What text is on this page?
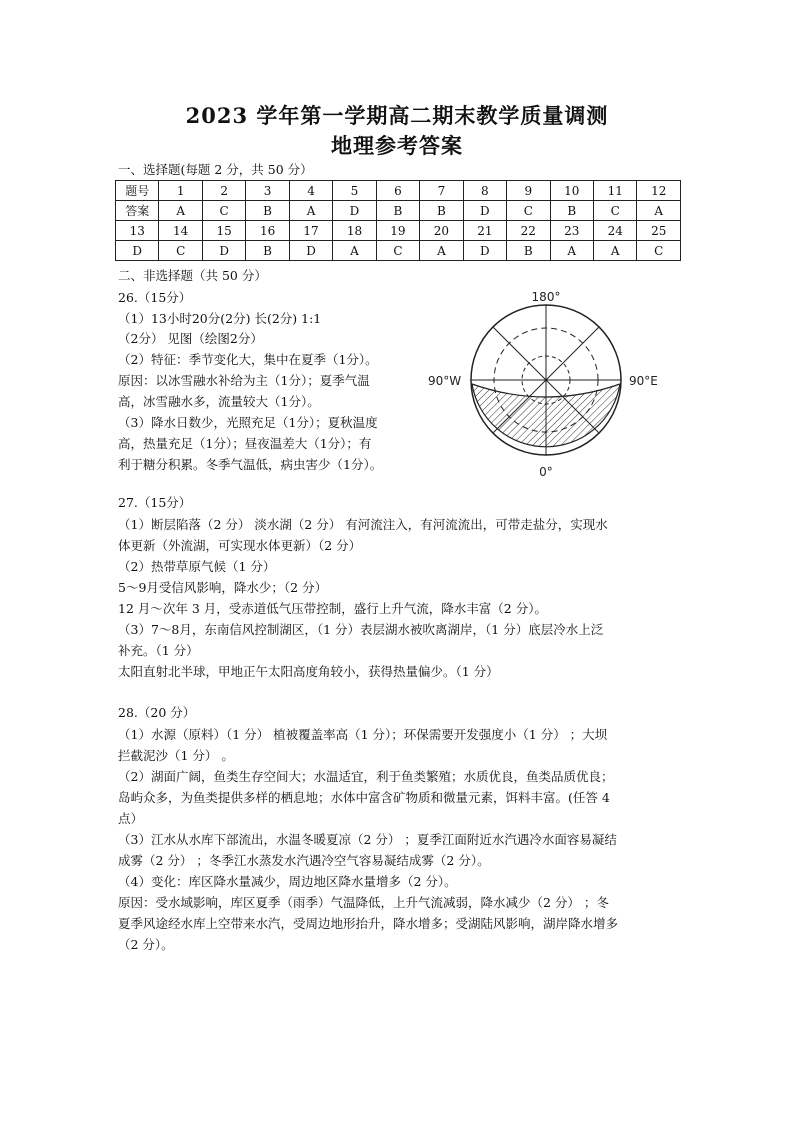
2023 学年第一学期高二期末教学质量调测
地理参考答案
一、选择题(每题 2 分，共 50 分）
题号	1	2	3	4	5	6	7	8	9	10	11	12
答案	A	C	B	A	D	B	B	D	C	B	C	A
13	14	15	16	17	18	19	20	21	22	23	24	25
D	C	D	B	D	A	C	A	D	B	A	A	C
二、非选择题（共 50 分）
26.（15分）
（1）13小时20分(2分) 长(2分) 1:1
（2分） 见图（绘图2分）
（2）特征：季节变化大，集中在夏季（1分）。
原因：以冰雪融水补给为主（1分）；夏季气温
高，冰雪融水多，流量较大（1分）。
（3）降水日数少，光照充足（1分）；夏秋温度
高，热量充足（1分）；昼夜温差大（1分）；有
利于糖分积累。冬季气温低，病虫害少（1分）。
180°
0°
90°W	90°E
27.（15分）
（1）断层陷落（2 分） 淡水湖（2 分） 有河流注入，有河流流出，可带走盐分，实现水
体更新（外流湖，可实现水体更新）（2 分）
（2）热带草原气候（1 分）
5～9月受信风影响，降水少；（2 分）
12 月～次年 3 月，受赤道低气压带控制，盛行上升气流，降水丰富（2 分）。
（3）7～8月，东南信风控制湖区，（1 分）表层湖水被吹离湖岸，（1 分）底层冷水上泛
补充。（1 分）
太阳直射北半球，甲地正午太阳高度角较小，获得热量偏少。（1 分）
28.（20 分）
（1）水源（原料）（1 分） 植被覆盖率高（1 分）；环保需要开发强度小（1 分） ；大坝
拦截泥沙（1 分） 。
（2）湖面广阔，鱼类生存空间大；水温适宜，利于鱼类繁殖；水质优良，鱼类品质优良；
岛屿众多，为鱼类提供多样的栖息地；水体中富含矿物质和微量元素，饵料丰富。(任答 4
点）
（3）江水从水库下部流出，水温冬暖夏凉（2 分） ；夏季江面附近水汽遇冷水面容易凝结
成雾（2 分） ；冬季江水蒸发水汽遇冷空气容易凝结成雾（2 分）。
（4）变化：库区降水量减少，周边地区降水量增多（2 分）。
原因：受水域影响，库区夏季（雨季）气温降低，上升气流减弱，降水减少（2 分） ；冬
夏季风途经水库上空带来水汽，受周边地形抬升，降水增多；受湖陆风影响，湖岸降水增多
（2 分）。
